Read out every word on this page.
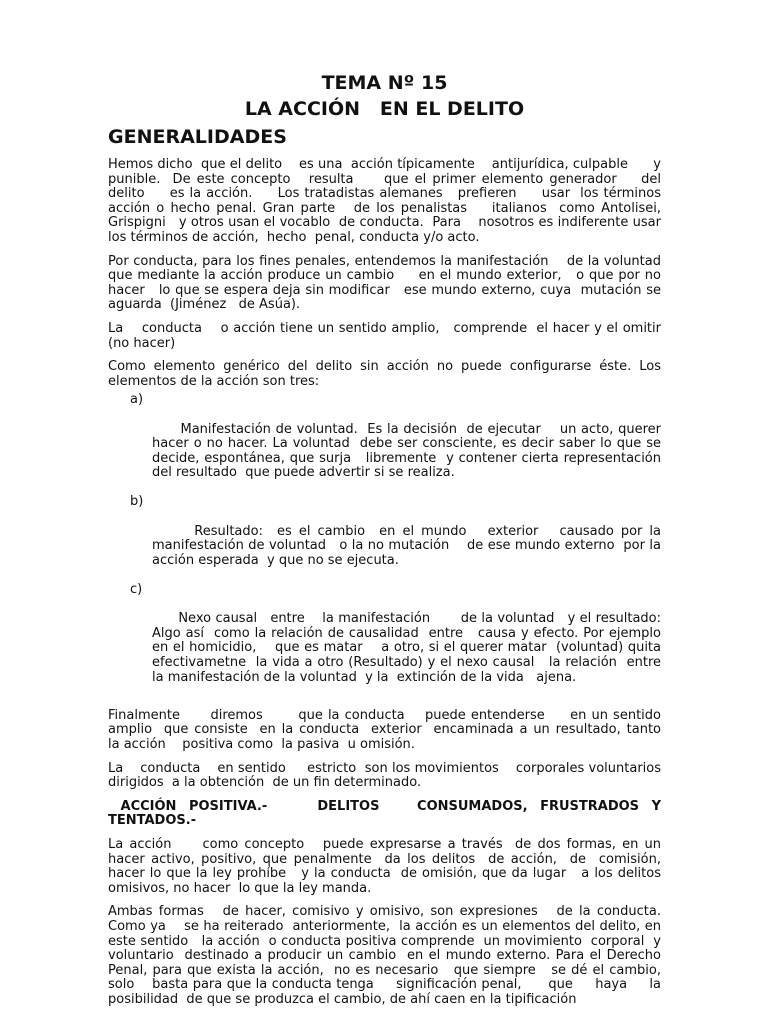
TEMA Nº 15

LA ACCIÓN   EN EL DELITO

GENERALIDADES

Hemos dicho  que el delito    es una  acción típicamente    antijurídica, culpable      y punible.  De este concepto   resulta     que el primer elemento generador    del delito     es la acción.     Los tratadistas alemanes   prefieren     usar  los términos  acción o hecho penal. Gran parte   de los penalistas    italianos  como Antolisei,  Grispigni   y otros usan el vocablo  de conducta.  Para    nosotros es indiferente usar los términos de acción,  hecho  penal, conducta y/o acto.

Por conducta, para los fines penales, entendemos la manifestación    de la voluntad que mediante la acción produce un cambio     en el mundo exterior,   o que por no hacer   lo que se espera deja sin modificar   ese mundo externo, cuya  mutación se aguarda  (Jiménez   de Asúa).

La    conducta    o acción tiene un sentido amplio,   comprende  el hacer y el omitir  (no hacer)

Como elemento genérico del delito sin acción no puede configurarse éste. Los elementos de la acción son tres:

a)

Manifestación de voluntad.  Es la decisión  de ejecutar    un acto, querer hacer o no hacer. La voluntad  debe ser consciente, es decir saber lo que se decide, espontánea, que surja   libremente  y contener cierta representación del resultado  que puede advertir si se realiza.

b)

Resultado:  es el cambio  en el mundo   exterior   causado por la manifestación de voluntad   o la no mutación    de ese mundo externo  por la acción esperada  y que no se ejecuta.

c)

Nexo causal   entre    la manifestación       de la voluntad   y el resultado:  Algo así  como la relación de causalidad  entre   causa y efecto. Por ejemplo  en el homicidio,    que es matar    a otro, si el querer matar  (voluntad) quita     efectivametne  la vida a otro (Resultado) y el nexo causal   la relación  entre  la manifestación de la voluntad  y la  extinción de la vida   ajena.

Finalmente      diremos       que la conducta    puede entenderse     en un sentido    amplio  que consiste  en la conducta  exterior  encaminada a un resultado, tanto     la acción    positiva como  la pasiva  u omisión.

La    conducta    en sentido     estricto  son los movimientos    corporales voluntarios     dirigidos  a la obtención  de un fin determinado.

ACCIÓN POSITIVA.-    DELITOS   CONSUMADOS, FRUSTRADOS Y TENTADOS.-

La acción     como concepto   puede expresarse a través  de dos formas, en un hacer activo, positivo, que penalmente  da los delitos  de acción,  de  comisión,    hacer lo que la ley prohíbe   y la conducta  de omisión, que da lugar   a los delitos  omisivos, no hacer  lo que la ley manda.

Ambas formas   de hacer, comisivo y omisivo, son expresiones   de la conducta.    Como ya    se ha reiterado  anteriormente,  la acción es un elementos del delito, en este sentido   la acción  o conducta positiva comprende  un movimiento  corporal  y voluntario  destinado a producir un cambio  en el mundo externo. Para el Derecho Penal, para que exista la acción,  no es necesario   que siempre   se dé el cambio,  solo    basta para que la conducta tenga     significación penal,      que     haya     la posibilidad  de que se produzca el cambio, de ahí caen en la tipificación
